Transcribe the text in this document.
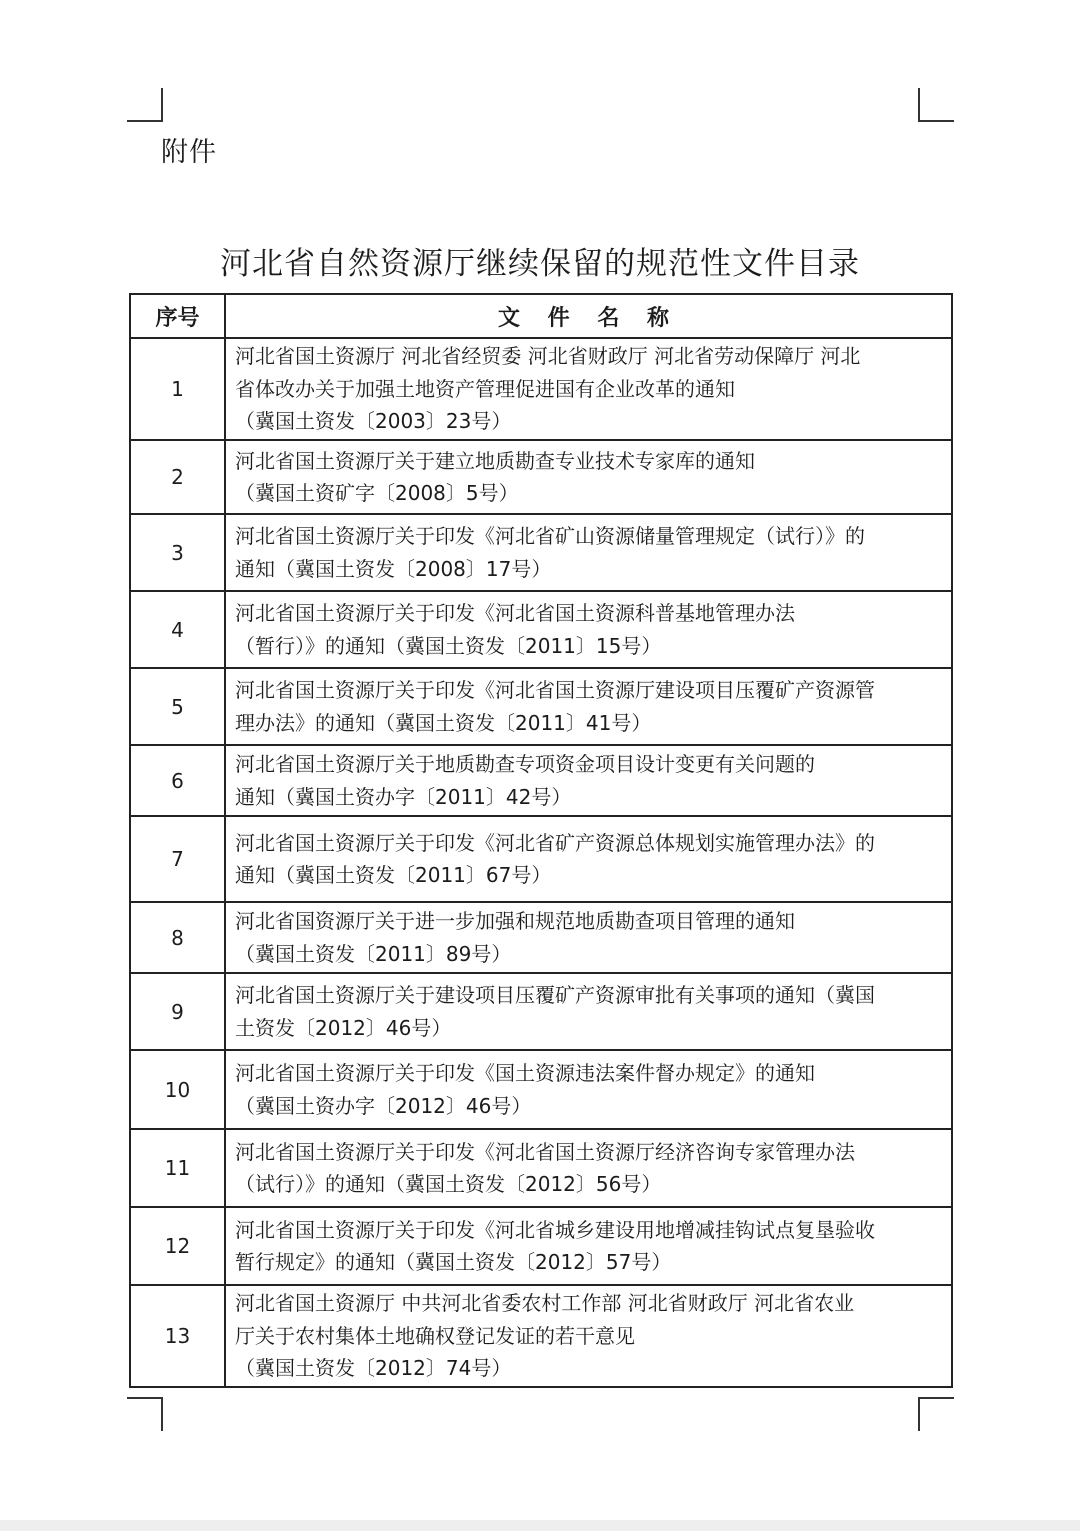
附件
河北省自然资源厅继续保留的规范性文件目录
序号	文 件 名 称
1	河北省国土资源厅 河北省经贸委 河北省财政厅 河北省劳动保障厅 河北
省体改办关于加强土地资产管理促进国有企业改革的通知
（冀国土资发〔2003〕23号）

2	河北省国土资源厅关于建立地质勘查专业技术专家库的通知
（冀国土资矿字〔2008〕5号）

3	河北省国土资源厅关于印发《河北省矿山资源储量管理规定（试行）》的
通知（冀国土资发〔2008〕17号）

4	河北省国土资源厅关于印发《河北省国土资源科普基地管理办法
（暂行）》的通知（冀国土资发〔2011〕15号）

5	河北省国土资源厅关于印发《河北省国土资源厅建设项目压覆矿产资源管
理办法》的通知（冀国土资发〔2011〕41号）

6	河北省国土资源厅关于地质勘查专项资金项目设计变更有关问题的
通知（冀国土资办字〔2011〕42号）

7	河北省国土资源厅关于印发《河北省矿产资源总体规划实施管理办法》的
通知（冀国土资发〔2011〕67号）

8	河北省国资源厅关于进一步加强和规范地质勘查项目管理的通知
（冀国土资发〔2011〕89号）

9	河北省国土资源厅关于建设项目压覆矿产资源审批有关事项的通知（冀国
土资发〔2012〕46号）

10	河北省国土资源厅关于印发《国土资源违法案件督办规定》的通知
（冀国土资办字〔2012〕46号）

11	河北省国土资源厅关于印发《河北省国土资源厅经济咨询专家管理办法
（试行）》的通知（冀国土资发〔2012〕56号）

12	河北省国土资源厅关于印发《河北省城乡建设用地增减挂钩试点复垦验收
暂行规定》的通知（冀国土资发〔2012〕57号）

13	河北省国土资源厅 中共河北省委农村工作部 河北省财政厅 河北省农业
厅关于农村集体土地确权登记发证的若干意见
（冀国土资发〔2012〕74号）
